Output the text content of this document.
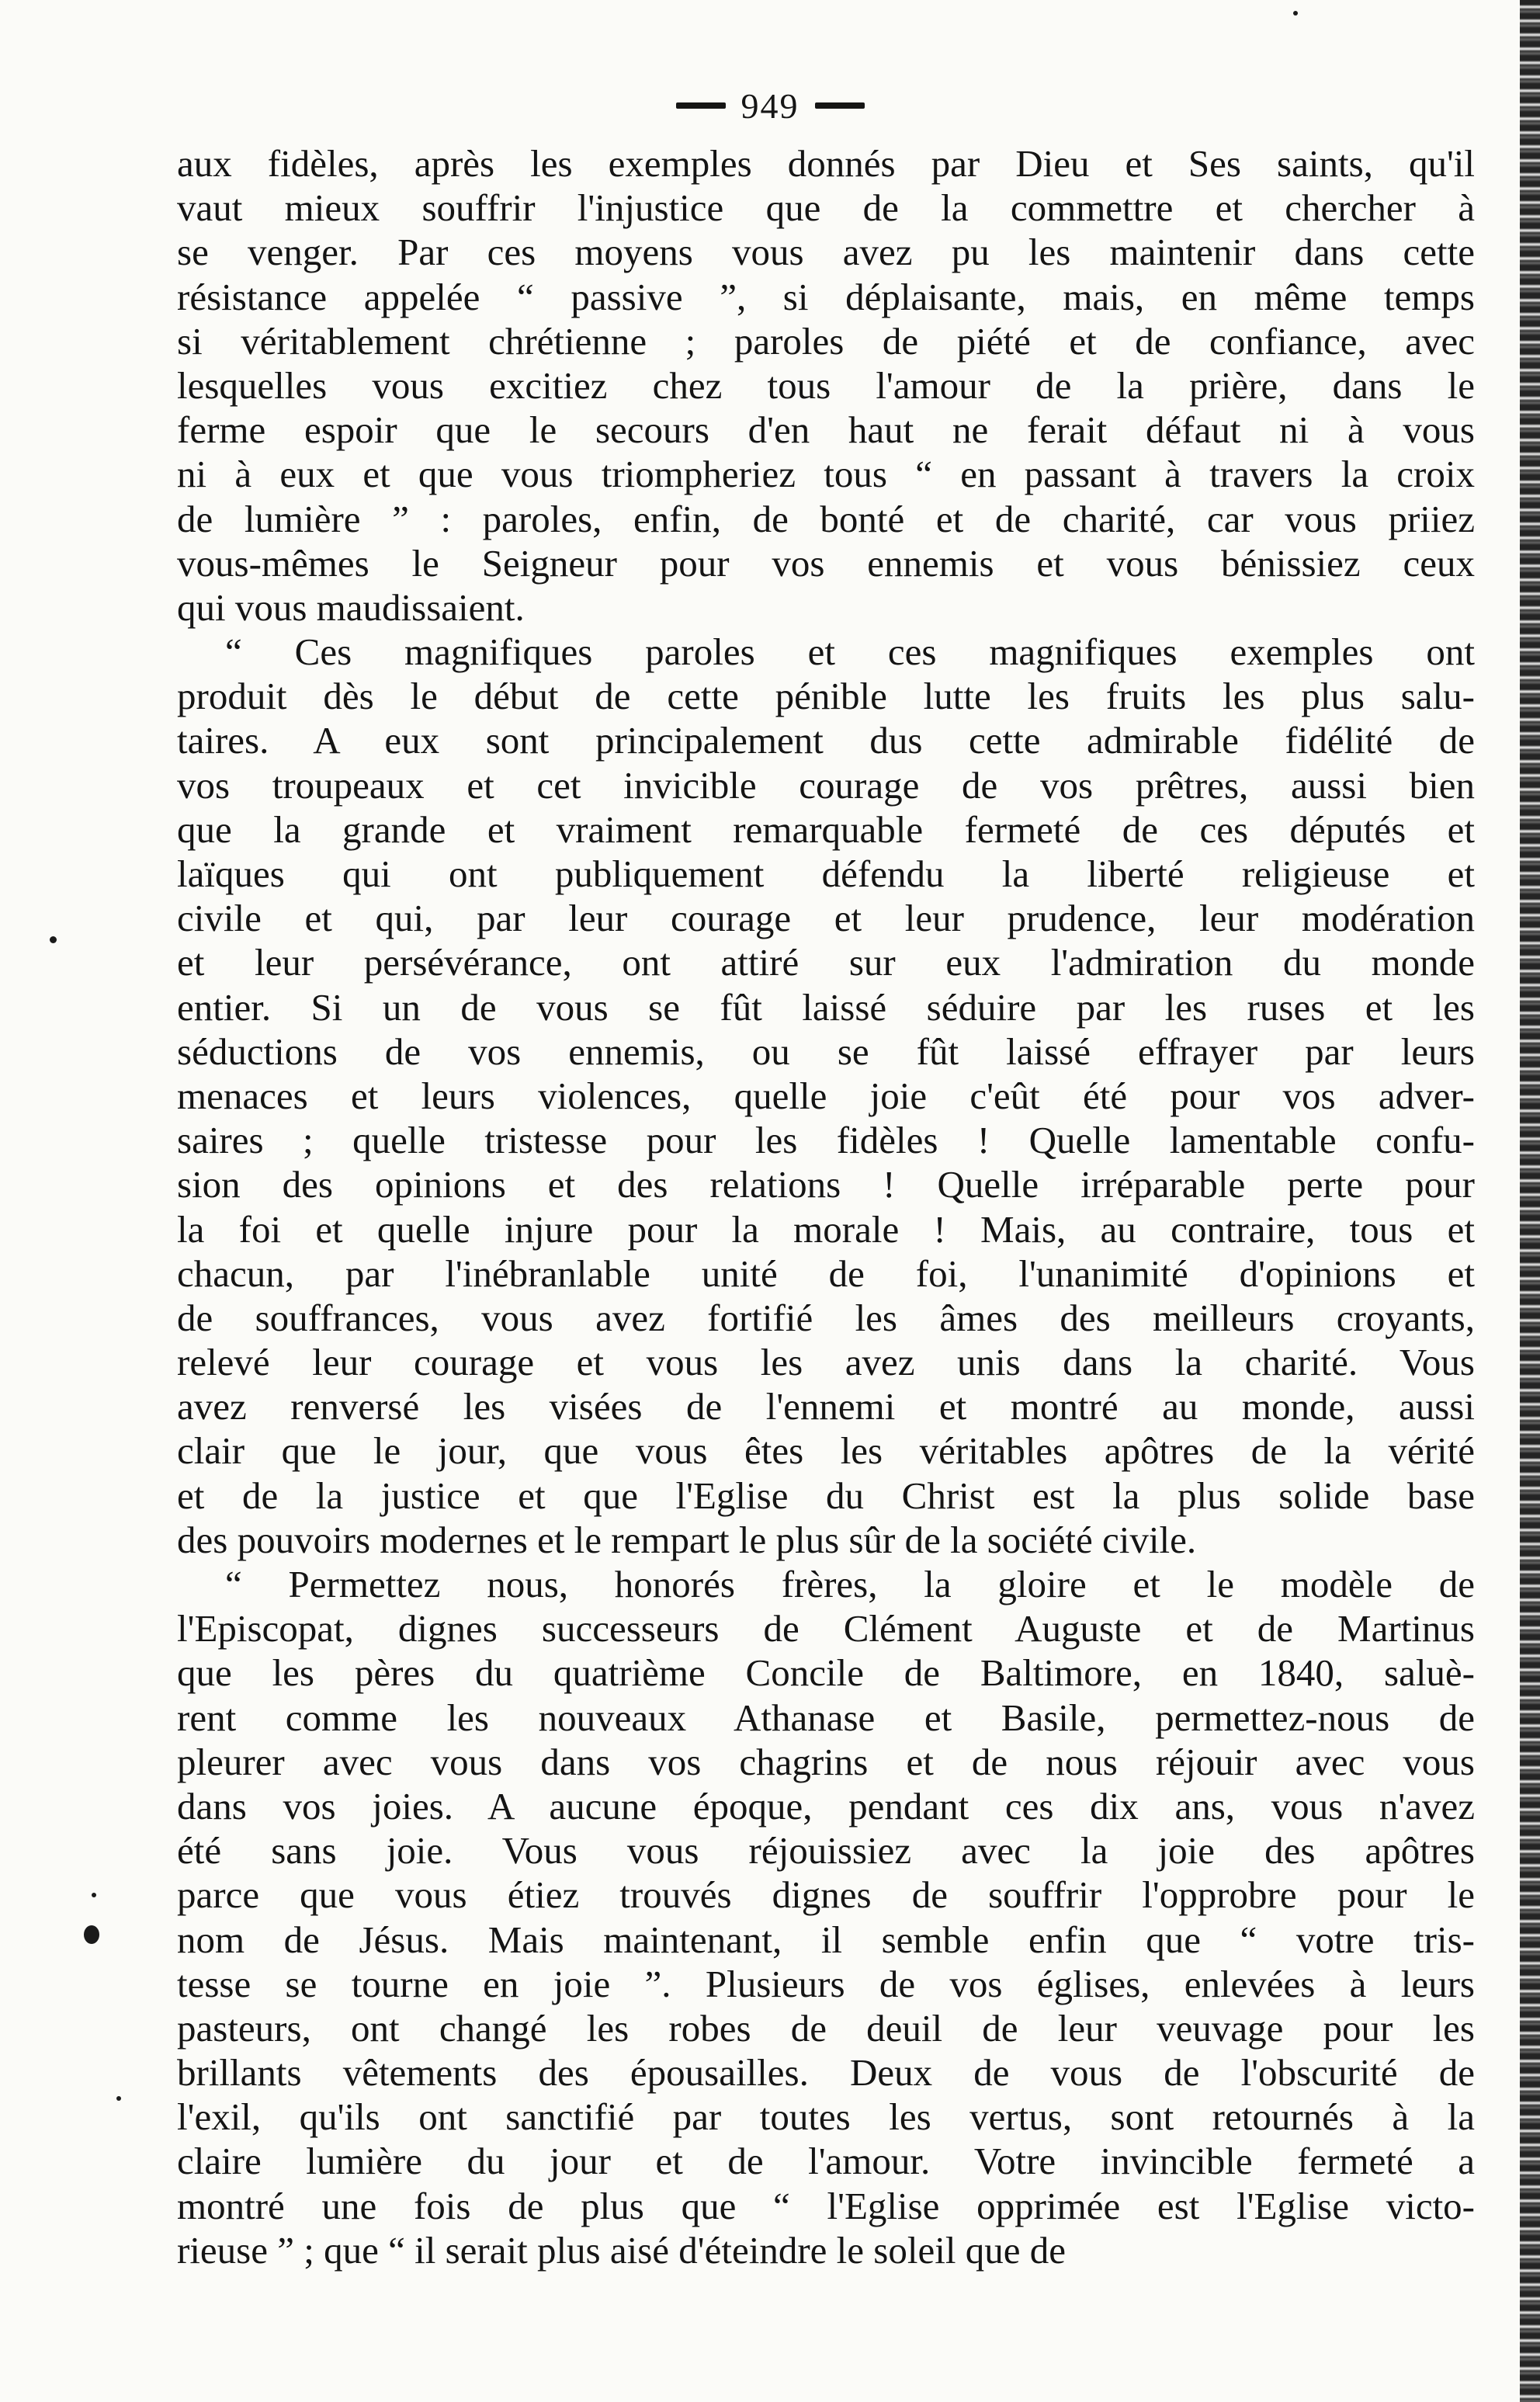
949
aux fidèles, après les exemples donnés par Dieu et Ses saints, qu'il
vaut mieux souffrir l'injustice que de la commettre et chercher à
se venger. Par ces moyens vous avez pu les maintenir dans cette
résistance appelée “ passive ”, si déplaisante, mais, en même temps
si véritablement chrétienne ; paroles de piété et de confiance, avec
lesquelles vous excitiez chez tous l'amour de la prière, dans le
ferme espoir que le secours d'en haut ne ferait défaut ni à vous
ni à eux et que vous triompheriez tous “ en passant à travers la croix
de lumière ” : paroles, enfin, de bonté et de charité, car vous priiez
vous-mêmes le Seigneur pour vos ennemis et vous bénissiez ceux
qui vous maudissaient.
“ Ces magnifiques paroles et ces magnifiques exemples ont
produit dès le début de cette pénible lutte les fruits les plus salu-
taires. A eux sont principalement dus cette admirable fidélité de
vos troupeaux et cet invicible courage de vos prêtres, aussi bien
que la grande et vraiment remarquable fermeté de ces députés et
laïques qui ont publiquement défendu la liberté religieuse et
civile et qui, par leur courage et leur prudence, leur modération
et leur persévérance, ont attiré sur eux l'admiration du monde
entier. Si un de vous se fût laissé séduire par les ruses et les
séductions de vos ennemis, ou se fût laissé effrayer par leurs
menaces et leurs violences, quelle joie c'eût été pour vos adver-
saires ; quelle tristesse pour les fidèles ! Quelle lamentable confu-
sion des opinions et des relations ! Quelle irréparable perte pour
la foi et quelle injure pour la morale ! Mais, au contraire, tous et
chacun, par l'inébranlable unité de foi, l'unanimité d'opinions et
de souffrances, vous avez fortifié les âmes des meilleurs croyants,
relevé leur courage et vous les avez unis dans la charité. Vous
avez renversé les visées de l'ennemi et montré au monde, aussi
clair que le jour, que vous êtes les véritables apôtres de la vérité
et de la justice et que l'Eglise du Christ est la plus solide base
des pouvoirs modernes et le rempart le plus sûr de la société civile.
“ Permettez nous, honorés frères, la gloire et le modèle de
l'Episcopat, dignes successeurs de Clément Auguste et de Martinus
que les pères du quatrième Concile de Baltimore, en 1840, saluè-
rent comme les nouveaux Athanase et Basile, permettez-nous de
pleurer avec vous dans vos chagrins et de nous réjouir avec vous
dans vos joies. A aucune époque, pendant ces dix ans, vous n'avez
été sans joie. Vous vous réjouissiez avec la joie des apôtres
parce que vous étiez trouvés dignes de souffrir l'opprobre pour le
nom de Jésus. Mais maintenant, il semble enfin que “ votre tris-
tesse se tourne en joie ”. Plusieurs de vos églises, enlevées à leurs
pasteurs, ont changé les robes de deuil de leur veuvage pour les
brillants vêtements des épousailles. Deux de vous de l'obscurité de
l'exil, qu'ils ont sanctifié par toutes les vertus, sont retournés à la
claire lumière du jour et de l'amour. Votre invincible fermeté a
montré une fois de plus que “ l'Eglise opprimée est l'Eglise victo-
rieuse ” ; que “ il serait plus aisé d'éteindre le soleil que de
